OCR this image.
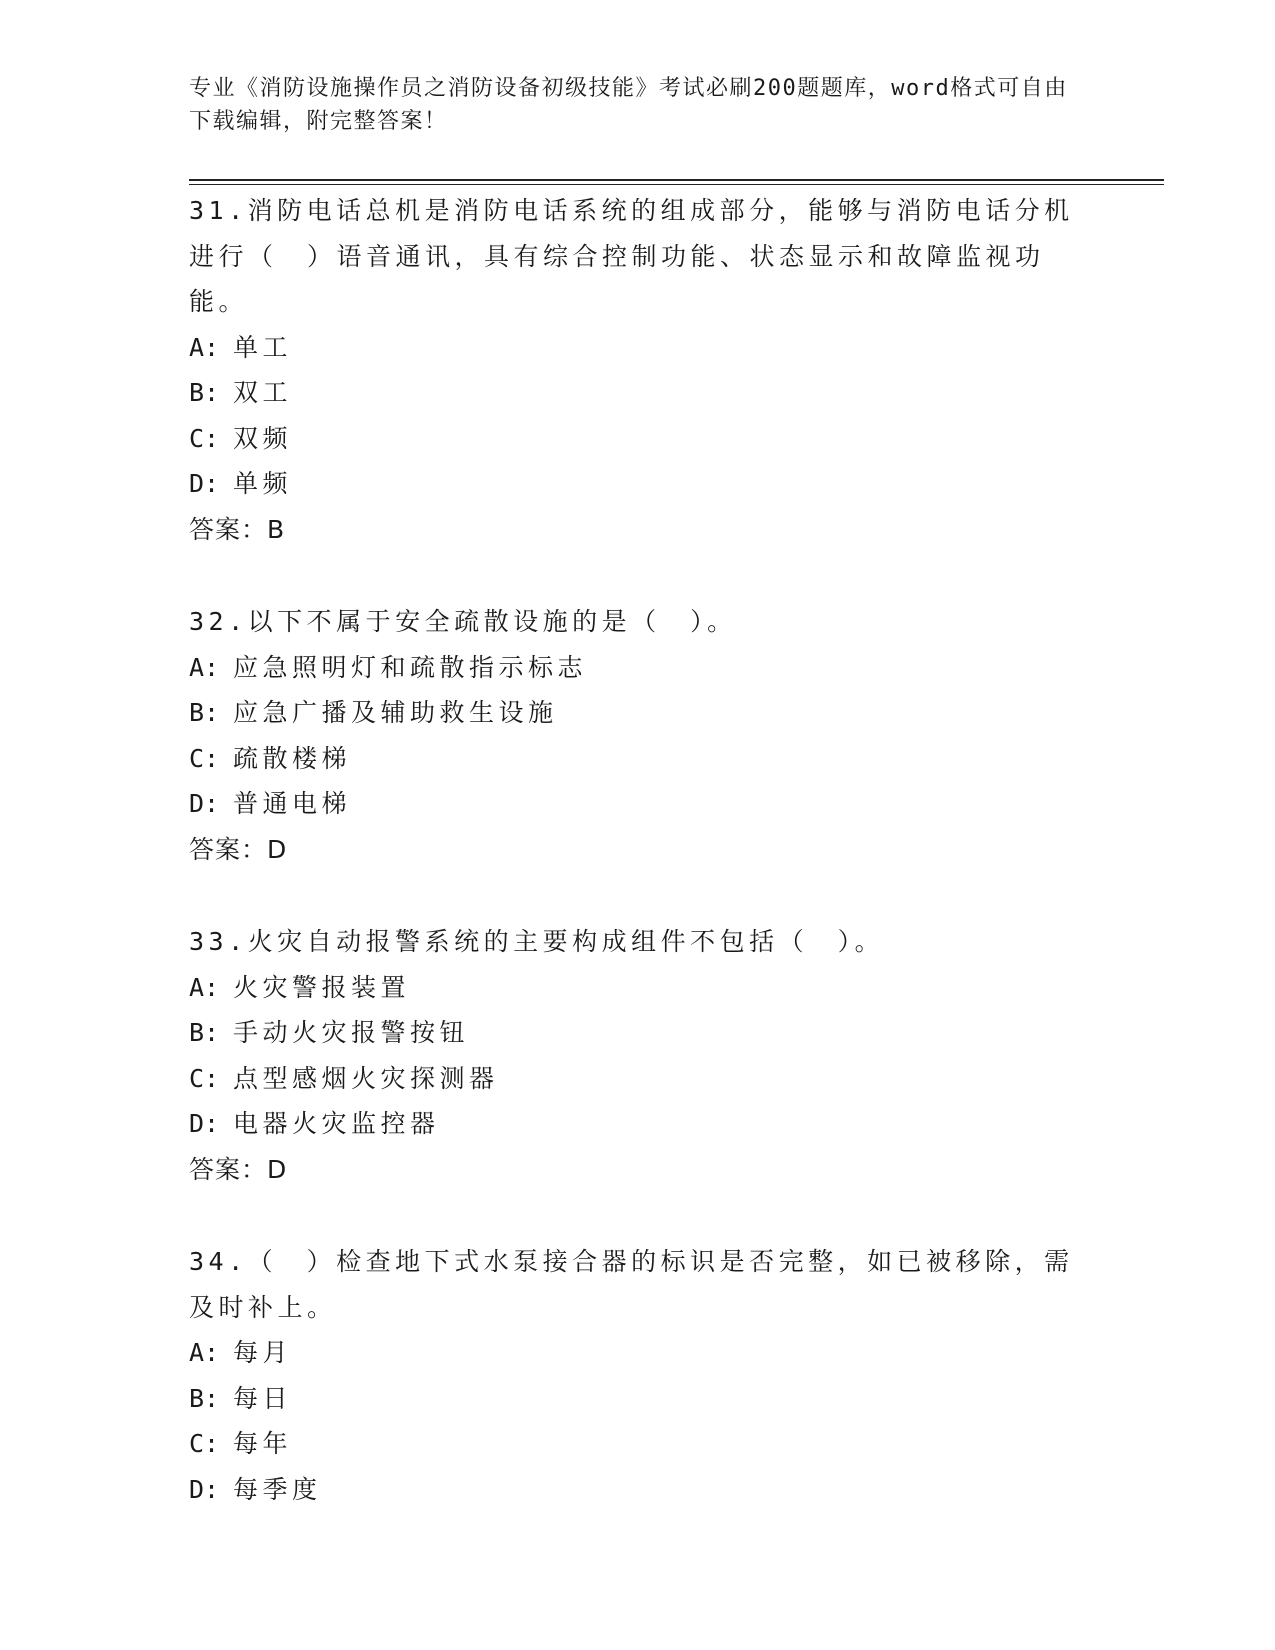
专业《消防设施操作员之消防设备初级技能》考试必刷200题题库，word格式可自由下载编辑，附完整答案！

31.消防电话总机是消防电话系统的组成部分，能够与消防电话分机进行（　）语音通讯，具有综合控制功能、状态显示和故障监视功能。

A: 单工

B: 双工

C: 双频

D: 单频

答案：B

32.以下不属于安全疏散设施的是（　）。

A: 应急照明灯和疏散指示标志

B: 应急广播及辅助救生设施

C: 疏散楼梯

D: 普通电梯

答案：D

33.火灾自动报警系统的主要构成组件不包括（　）。

A: 火灾警报装置

B: 手动火灾报警按钮

C: 点型感烟火灾探测器

D: 电器火灾监控器

答案：D

34.（　）检查地下式水泵接合器的标识是否完整，如已被移除，需及时补上。

A: 每月

B: 每日

C: 每年

D: 每季度
